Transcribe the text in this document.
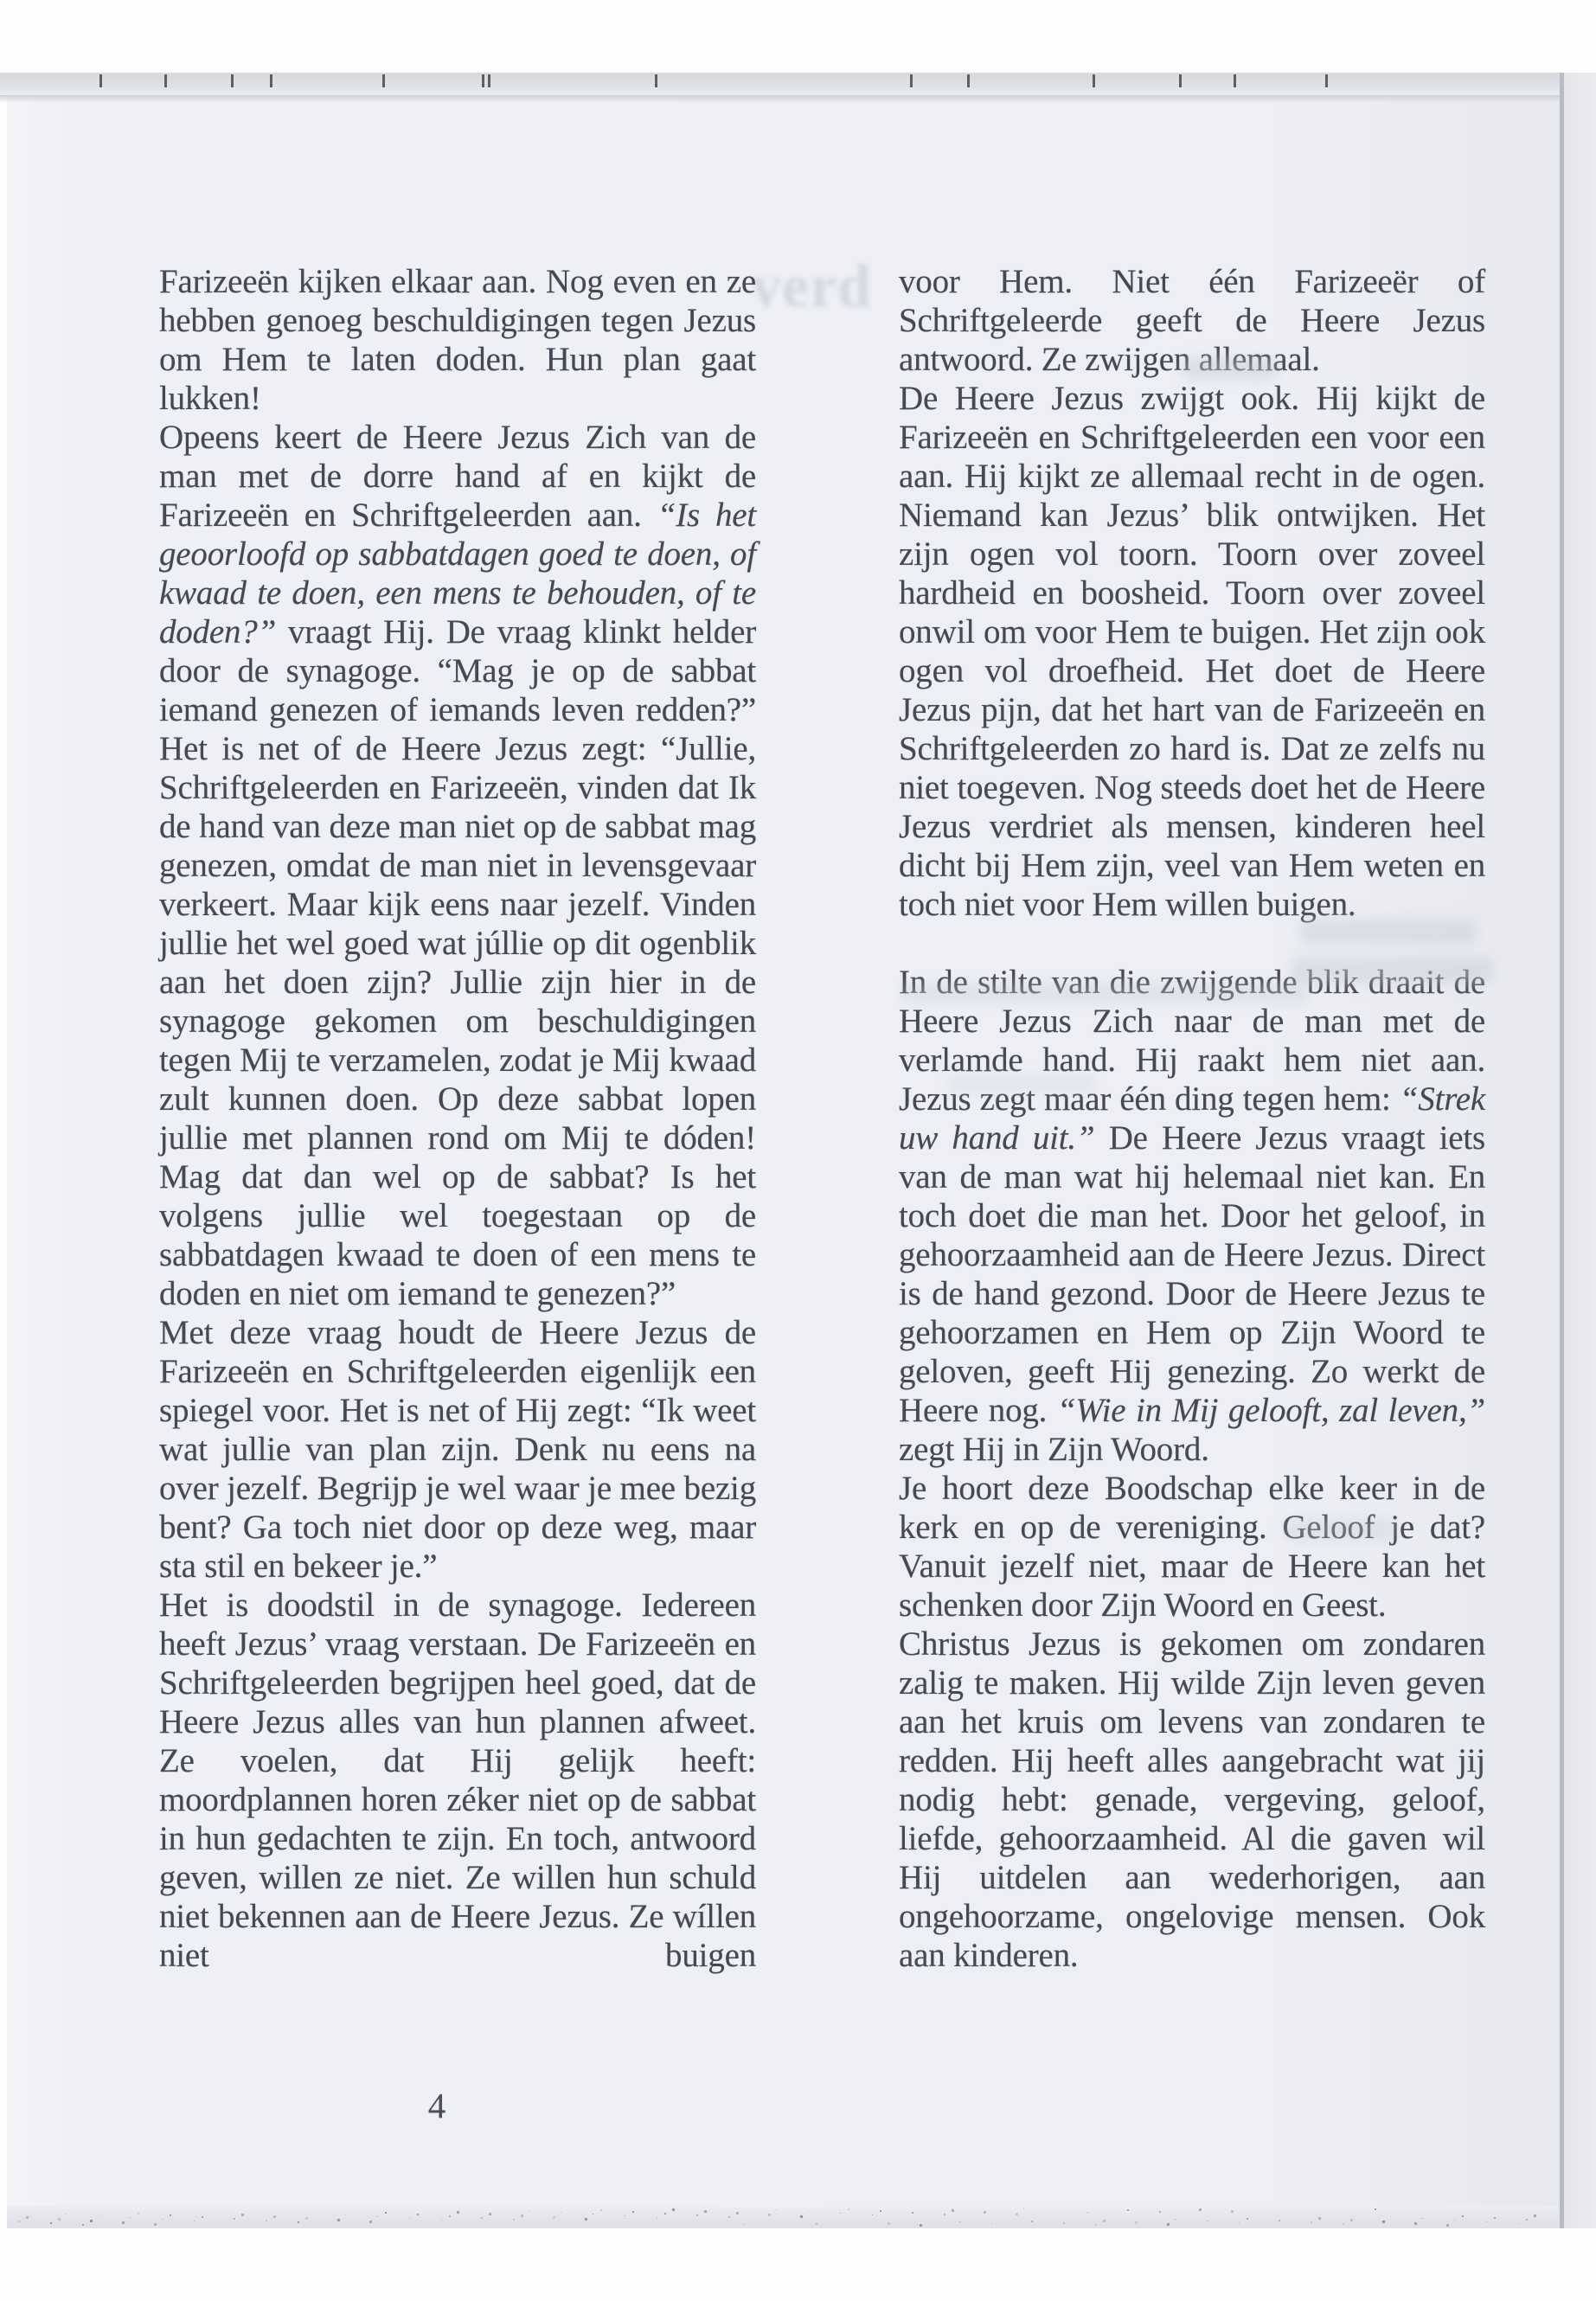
verd

Farizeeën kijken elkaar aan. Nog even en ze hebben genoeg beschuldigingen tegen Jezus om Hem te laten doden. Hun plan gaat lukken!

Opeens keert de Heere Jezus Zich van de man met de dorre hand af en kijkt de Farizeeën en Schriftgeleerden aan. “Is het geoorloofd op sabbatdagen goed te doen, of kwaad te doen, een mens te behouden, of te doden?” vraagt Hij. De vraag klinkt helder door de synagoge. “Mag je op de sabbat iemand genezen of iemands leven redden?” Het is net of de Heere Jezus zegt: “Jullie, Schriftgeleerden en Farizeeën, vinden dat Ik de hand van deze man niet op de sabbat mag genezen, omdat de man niet in levensgevaar verkeert. Maar kijk eens naar jezelf. Vinden jullie het wel goed wat júllie op dit ogenblik aan het doen zijn? Jullie zijn hier in de synagoge gekomen om beschuldigingen tegen Mij te verzamelen, zodat je Mij kwaad zult kunnen doen. Op deze sabbat lopen jullie met plannen rond om Mij te dóden! Mag dat dan wel op de sabbat? Is het volgens jullie wel toegestaan op de sabbatdagen kwaad te doen of een mens te doden en niet om iemand te genezen?”

Met deze vraag houdt de Heere Jezus de Farizeeën en Schriftgeleerden eigenlijk een spiegel voor. Het is net of Hij zegt: “Ik weet wat jullie van plan zijn. Denk nu eens na over jezelf. Begrijp je wel waar je mee bezig bent? Ga toch niet door op deze weg, maar sta stil en bekeer je.”

Het is doodstil in de synagoge. Iedereen heeft Jezus’ vraag verstaan. De Farizeeën en Schriftgeleerden begrijpen heel goed, dat de Heere Jezus alles van hun plannen afweet. Ze voelen, dat Hij gelijk heeft: moordplannen horen zéker niet op de sabbat in hun gedachten te zijn. En toch, antwoord geven, willen ze niet. Ze willen hun schuld niet bekennen aan de Heere Jezus. Ze wíllen niet buigen

voor Hem. Niet één Farizeeër of Schriftgeleerde geeft de Heere Jezus antwoord. Ze zwijgen allemaal.

De Heere Jezus zwijgt ook. Hij kijkt de Farizeeën en Schriftgeleerden een voor een aan. Hij kijkt ze allemaal recht in de ogen. Niemand kan Jezus’ blik ontwijken. Het zijn ogen vol toorn. Toorn over zoveel hardheid en boosheid. Toorn over zoveel onwil om voor Hem te buigen. Het zijn ook ogen vol droefheid. Het doet de Heere Jezus pijn, dat het hart van de Farizeeën en Schriftgeleerden zo hard is. Dat ze zelfs nu niet toegeven. Nog steeds doet het de Heere Jezus verdriet als mensen, kinderen heel dicht bij Hem zijn, veel van Hem weten en toch niet voor Hem willen buigen.

In de stilte van die zwijgende blik draait de Heere Jezus Zich naar de man met de verlamde hand. Hij raakt hem niet aan. Jezus zegt maar één ding tegen hem: “Strek uw hand uit.” De Heere Jezus vraagt iets van de man wat hij helemaal niet kan. En toch doet die man het. Door het geloof, in gehoorzaamheid aan de Heere Jezus. Direct is de hand gezond. Door de Heere Jezus te gehoorzamen en Hem op Zijn Woord te geloven, geeft Hij genezing. Zo werkt de Heere nog. “Wie in Mij gelooft, zal leven,” zegt Hij in Zijn Woord.

Je hoort deze Boodschap elke keer in de kerk en op de vereniging. Geloof je dat? Vanuit jezelf niet, maar de Heere kan het schenken door Zijn Woord en Geest.

Christus Jezus is gekomen om zondaren zalig te maken. Hij wilde Zijn leven geven aan het kruis om levens van zondaren te redden. Hij heeft alles aangebracht wat jij nodig hebt: genade, vergeving, geloof, liefde, gehoorzaamheid. Al die gaven wil Hij uitdelen aan wederhorigen, aan ongehoorzame, ongelovige mensen. Ook aan kinderen.

4
